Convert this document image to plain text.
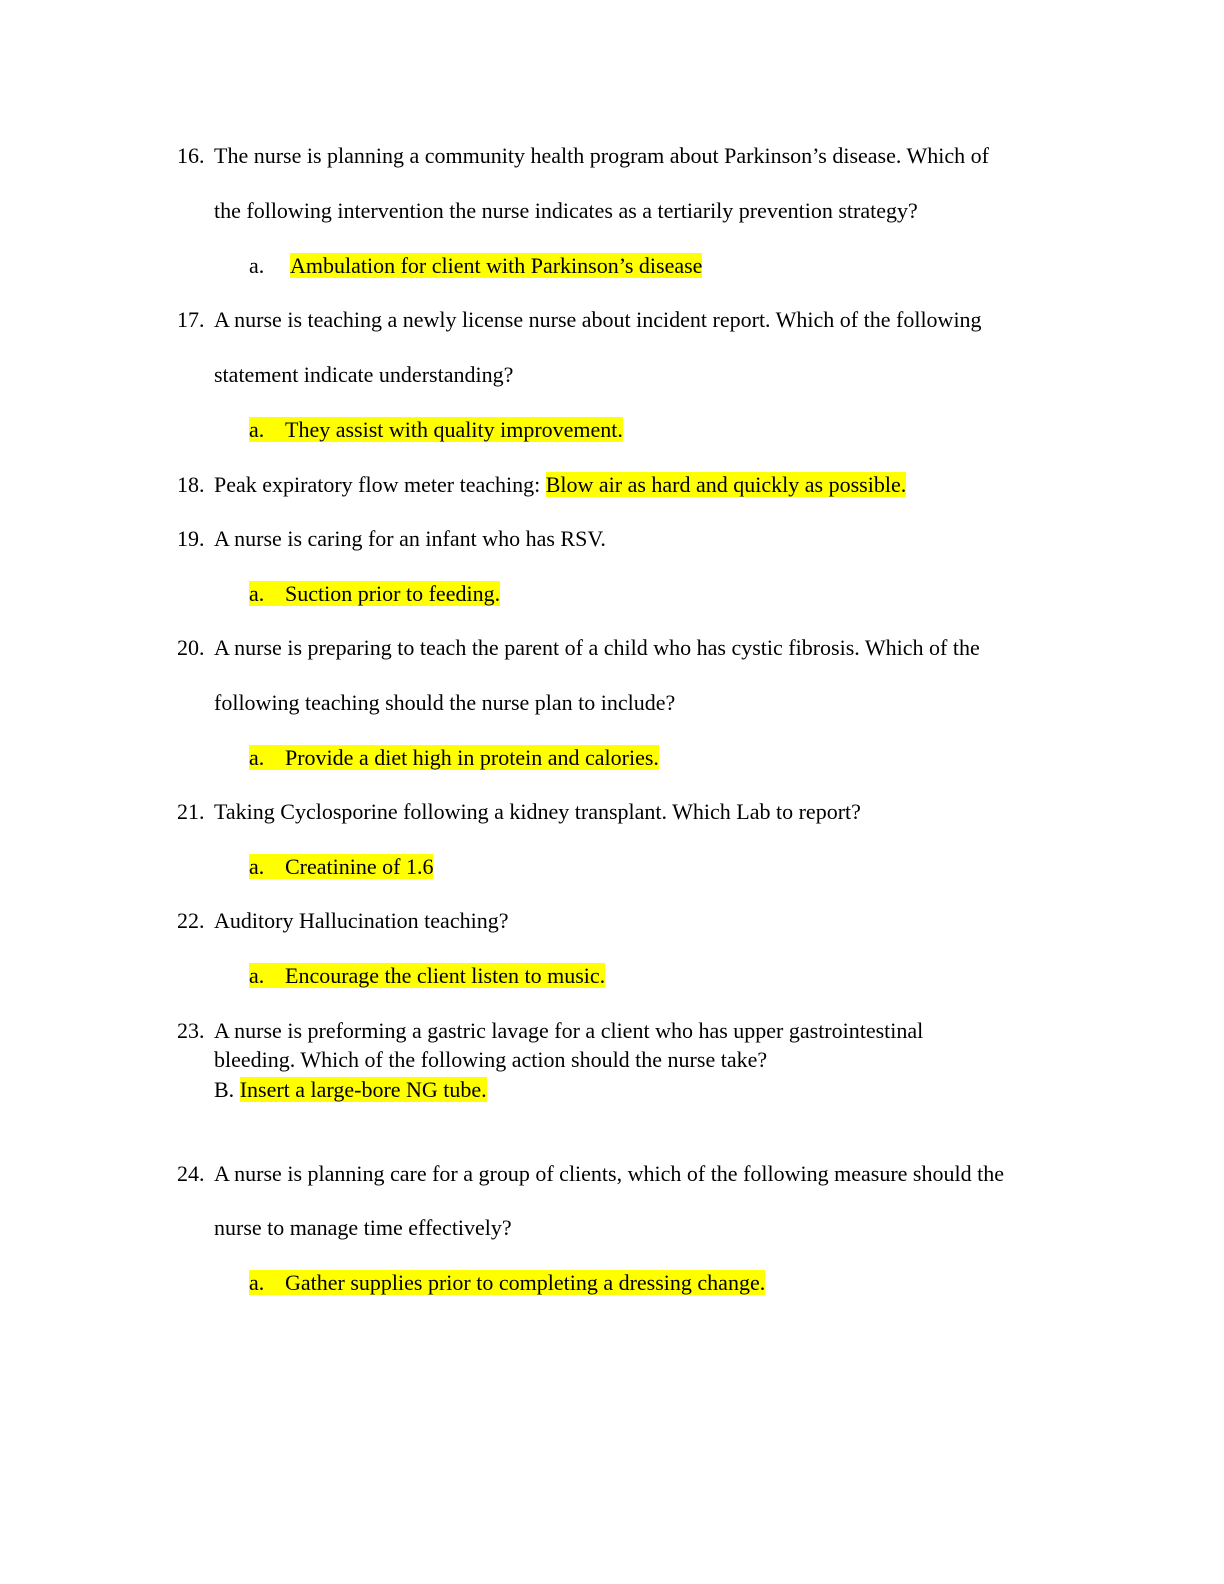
16. The nurse is planning a community health program about Parkinson’s disease. Which of
the following intervention the nurse indicates as a tertiarily prevention strategy?
a. Ambulation for client with Parkinson’s disease
17. A nurse is teaching a newly license nurse about incident report. Which of the following
statement indicate understanding?
a. They assist with quality improvement.
18. Peak expiratory flow meter teaching: Blow air as hard and quickly as possible.
19. A nurse is caring for an infant who has RSV.
a. Suction prior to feeding.
20. A nurse is preparing to teach the parent of a child who has cystic fibrosis. Which of the
following teaching should the nurse plan to include?
a. Provide a diet high in protein and calories.
21. Taking Cyclosporine following a kidney transplant. Which Lab to report?
a. Creatinine of 1.6
22. Auditory Hallucination teaching?
a. Encourage the client listen to music.
23. A nurse is preforming a gastric lavage for a client who has upper gastrointestinal
bleeding. Which of the following action should the nurse take?
B. Insert a large-bore NG tube.
24. A nurse is planning care for a group of clients, which of the following measure should the
nurse to manage time effectively?
a. Gather supplies prior to completing a dressing change.
